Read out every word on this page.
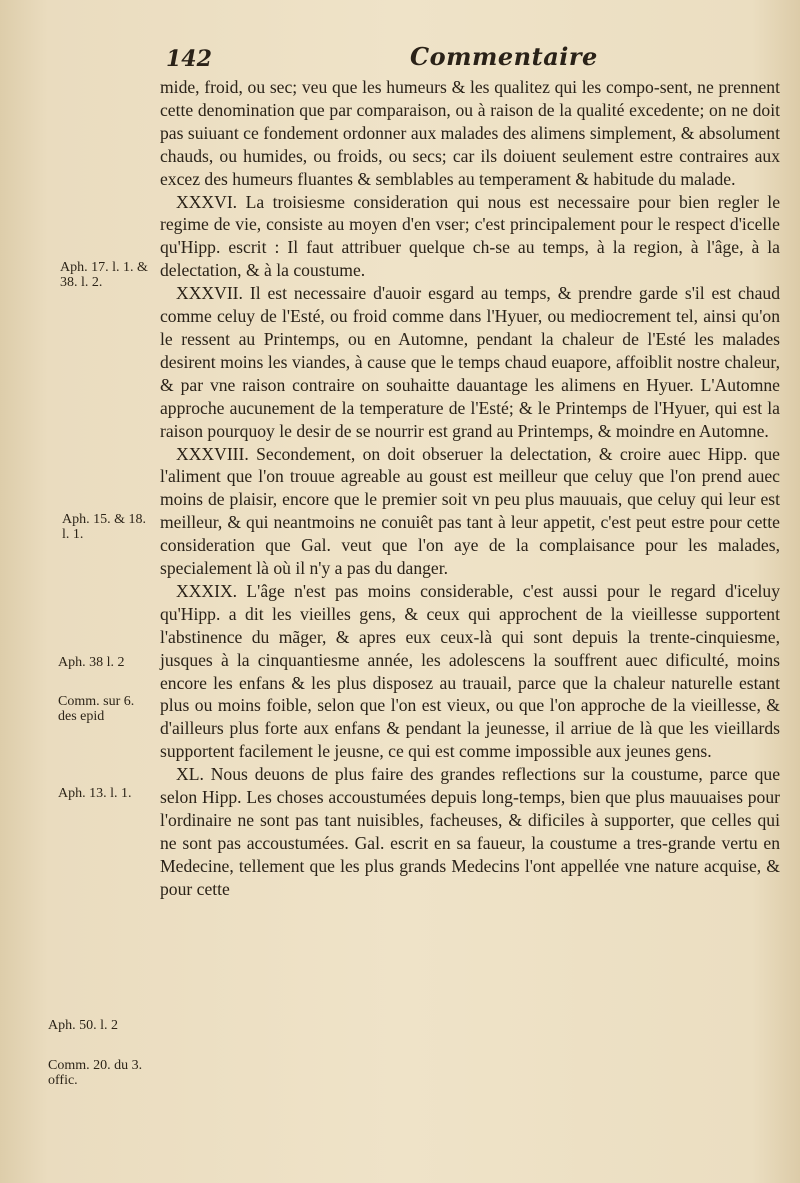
142	Commentaire
Aph. 17. l. 1. & 38. l. 2.
Aph. 15. & 18. l. 1.
Aph. 38 l. 2
Comm. sur 6. des epid
Aph. 13. l. 1.
Aph. 50. l. 2
Comm. 20. du 3. offic.

mide, froid, ou sec; veu que les humeurs & les qualitez qui les compo-sent, ne prennent cette denomination que par comparaison, ou à raison de la qualité excedente; on ne doit pas suiuant ce fondement ordonner aux malades des alimens simplement, & absolument chauds, ou humides, ou froids, ou secs; car ils doiuent seulement estre contraires aux excez des humeurs fluantes & semblables au temperament & habitude du malade.

XXXVI. La troisiesme consideration qui nous est necessaire pour bien regler le regime de vie, consiste au moyen d'en vser; c'est principalement pour le respect d'icelle qu'Hipp. escrit : Il faut attribuer quelque ch-se au temps, à la region, à l'âge, à la delectation, & à la coustume.

XXXVII. Il est necessaire d'auoir esgard au temps, & prendre garde s'il est chaud comme celuy de l'Esté, ou froid comme dans l'Hyuer, ou mediocrement tel, ainsi qu'on le ressent au Printemps, ou en Automne, pendant la chaleur de l'Esté les malades desirent moins les viandes, à cause que le temps chaud euapore, affoiblit nostre chaleur, & par vne raison contraire on souhaitte dauantage les alimens en Hyuer. L'Automne approche aucunement de la temperature de l'Esté; & le Printemps de l'Hyuer, qui est la raison pourquoy le desir de se nourrir est grand au Printemps, & moindre en Automne.

XXXVIII. Secondement, on doit obseruer la delectation, & croire auec Hipp. que l'aliment que l'on trouue agreable au goust est meilleur que celuy que l'on prend auec moins de plaisir, encore que le premier soit vn peu plus mauuais, que celuy qui leur est meilleur, & qui neantmoins ne conuiêt pas tant à leur appetit, c'est peut estre pour cette consideration que Gal. veut que l'on aye de la complaisance pour les malades, specialement là où il n'y a pas du danger.

XXXIX. L'âge n'est pas moins considerable, c'est aussi pour le regard d'iceluy qu'Hipp. a dit les vieilles gens, & ceux qui approchent de la vieillesse supportent l'abstinence du mãger, & apres eux ceux-là qui sont depuis la trente-cinquiesme, jusques à la cinquantiesme année, les adolescens la souffrent auec dificulté, moins encore les enfans & les plus disposez au trauail, parce que la chaleur naturelle estant plus ou moins foible, selon que l'on est vieux, ou que l'on approche de la vieillesse, & d'ailleurs plus forte aux enfans & pendant la jeunesse, il arriue de là que les vieillards supportent facilement le jeusne, ce qui est comme impossible aux jeunes gens.

XL. Nous deuons de plus faire des grandes reflections sur la coustume, parce que selon Hipp. Les choses accoustumées depuis long-temps, bien que plus mauuaises pour l'ordinaire ne sont pas tant nuisibles, facheuses, & dificiles à supporter, que celles qui ne sont pas accoustumées. Gal. escrit en sa faueur, la coustume a tres-grande vertu en Medecine, tellement que les plus grands Medecins l'ont appellée vne nature acquise, & pour cette
